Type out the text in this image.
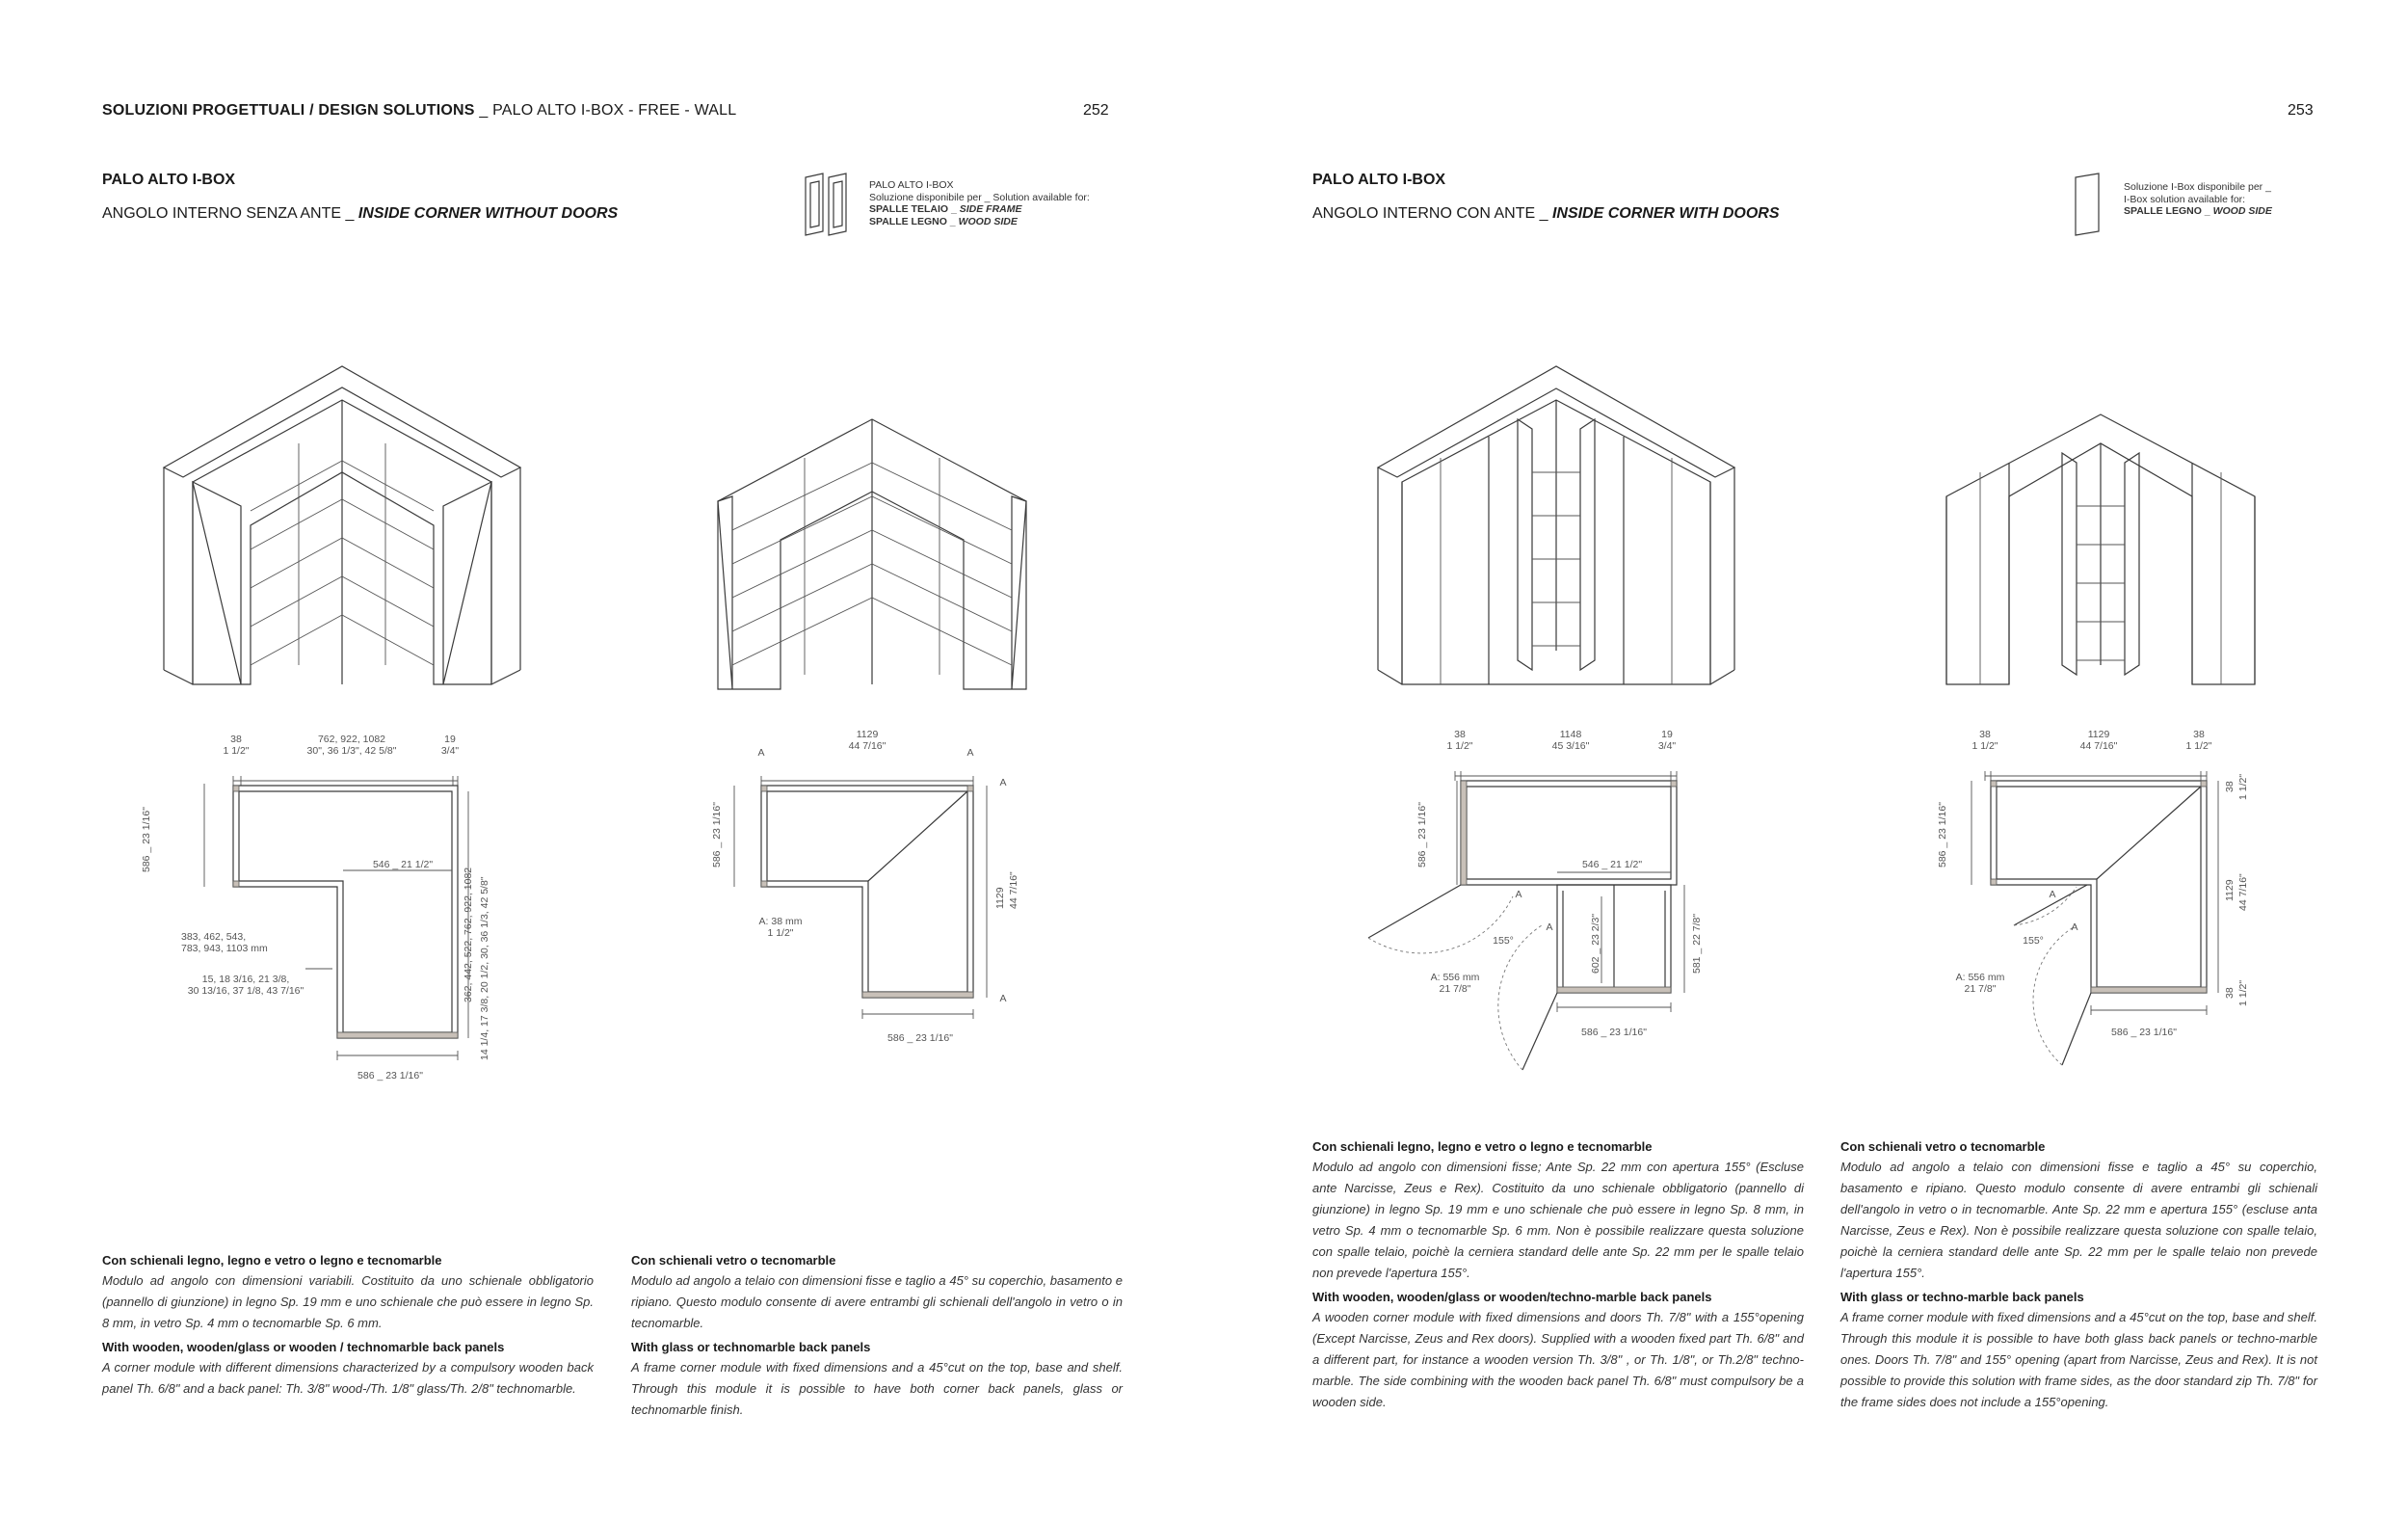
SOLUZIONI PROGETTUALI / DESIGN SOLUTIONS _ PALO ALTO I-BOX - FREE - WALL	252	253
PALO ALTO I-BOX
ANGOLO INTERNO SENZA ANTE _ INSIDE CORNER WITHOUT DOORS
PALO ALTO I-BOX
Soluzione disponibile per _ Solution available for:
SPALLE TELAIO _ SIDE FRAME
SPALLE LEGNO _ WOOD SIDE
PALO ALTO I-BOX
ANGOLO INTERNO CON ANTE _ INSIDE CORNER WITH DOORS
Soluzione I-Box disponibile per _
I-Box solution available for:
SPALLE LEGNO _ WOOD SIDE
38
1 1/2"
762, 922, 1082
30", 36 1/3", 42 5/8"
19
3/4"
586 _ 23 1/16"	546 _ 21 1/2"
383, 462, 543,
783, 943, 1103 mm
15, 18 3/16, 21 3/8,
30 13/16, 37 1/8, 43 7/16"	362, 442, 522, 762, 922, 1082 14 1/4, 17 3/8, 20 1/2, 30, 36 1/3, 42 5/8"
586 _ 23 1/16"
1129
44 7/16"
A	A
586 _ 23 1/16"
A: 38 mm
1 1/2"
A
1129 44 7/16"
A
586 _ 23 1/16"
38
1 1/2"
1148
45 3/16"
19
3/4"
586 _ 23 1/16"	546 _ 21 1/2"
A
A
155°	602 _ 23 2/3"	581 _ 22 7/8"
A: 556 mm
21 7/8"
586 _ 23 1/16"
38
1 1/2"
1129
44 7/16"
38
1 1/2"
586 _ 23 1/16"
A
A
155°
38 1 1/2"
1129 44 7/16"
38 1 1/2"
A: 556 mm
21 7/8"
586 _ 23 1/16"
Con schienali legno, legno e vetro o legno e tecnomarble
Modulo ad angolo con dimensioni variabili. Costituito da uno schienale obbligatorio (pannello di giunzione) in legno Sp. 19 mm e uno schienale che può essere in legno Sp. 8 mm, in vetro Sp. 4 mm o tecnomarble Sp. 6 mm.
With wooden, wooden/glass or wooden / technomarble back panels
A corner module with different dimensions characterized by a compulsory wooden back panel Th. 6/8" and a back panel: Th. 3/8" wood-/Th. 1/8" glass/Th. 2/8" technomarble.
Con schienali vetro o tecnomarble
Modulo ad angolo a telaio con dimensioni fisse e taglio a 45° su coperchio, basamento e ripiano. Questo modulo consente di avere entrambi gli schienali dell'angolo in vetro o in tecnomarble.
With glass or technomarble back panels
A frame corner module with fixed dimensions and a 45°cut on the top, base and shelf. Through this module it is possible to have both corner back panels, glass or technomarble finish.
Con schienali legno, legno e vetro o legno e tecnomarble
Modulo ad angolo con dimensioni fisse; Ante Sp. 22 mm con apertura 155° (Escluse ante Narcisse, Zeus e Rex). Costituito da uno schienale obbligatorio (pannello di giunzione) in legno Sp. 19 mm e uno schienale che può essere in legno Sp. 8 mm, in vetro Sp. 4 mm o tecnomarble Sp. 6 mm. Non è possibile realizzare questa soluzione con spalle telaio, poichè la cerniera standard delle ante Sp. 22 mm per le spalle telaio non prevede l'apertura 155°.
With wooden, wooden/glass or wooden/techno-marble back panels
A wooden corner module with fixed dimensions and doors Th. 7/8" with a 155°opening (Except Narcisse, Zeus and Rex doors). Supplied with a wooden fixed part Th. 6/8" and a different part, for instance a wooden version Th. 3/8" , or Th. 1/8", or Th.2/8" techno-marble. The side combining with the wooden back panel Th. 6/8" must compulsory be a wooden side.
Con schienali vetro o tecnomarble
Modulo ad angolo a telaio con dimensioni fisse e taglio a 45° su coperchio, basamento e ripiano. Questo modulo consente di avere entrambi gli schienali dell'angolo in vetro o in tecnomarble. Ante Sp. 22 mm e apertura 155° (escluse anta Narcisse, Zeus e Rex). Non è possibile realizzare questa soluzione con spalle telaio, poichè la cerniera standard delle ante Sp. 22 mm per le spalle telaio non prevede l'apertura 155°.
With glass or techno-marble back panels
A frame corner module with fixed dimensions and a 45°cut on the top, base and shelf. Through this module it is possible to have both glass back panels or techno-marble ones. Doors Th. 7/8" and 155° opening (apart from Narcisse, Zeus and Rex). It is not possible to provide this solution with frame sides, as the door standard zip Th. 7/8" for the frame sides does not include a 155°opening.
